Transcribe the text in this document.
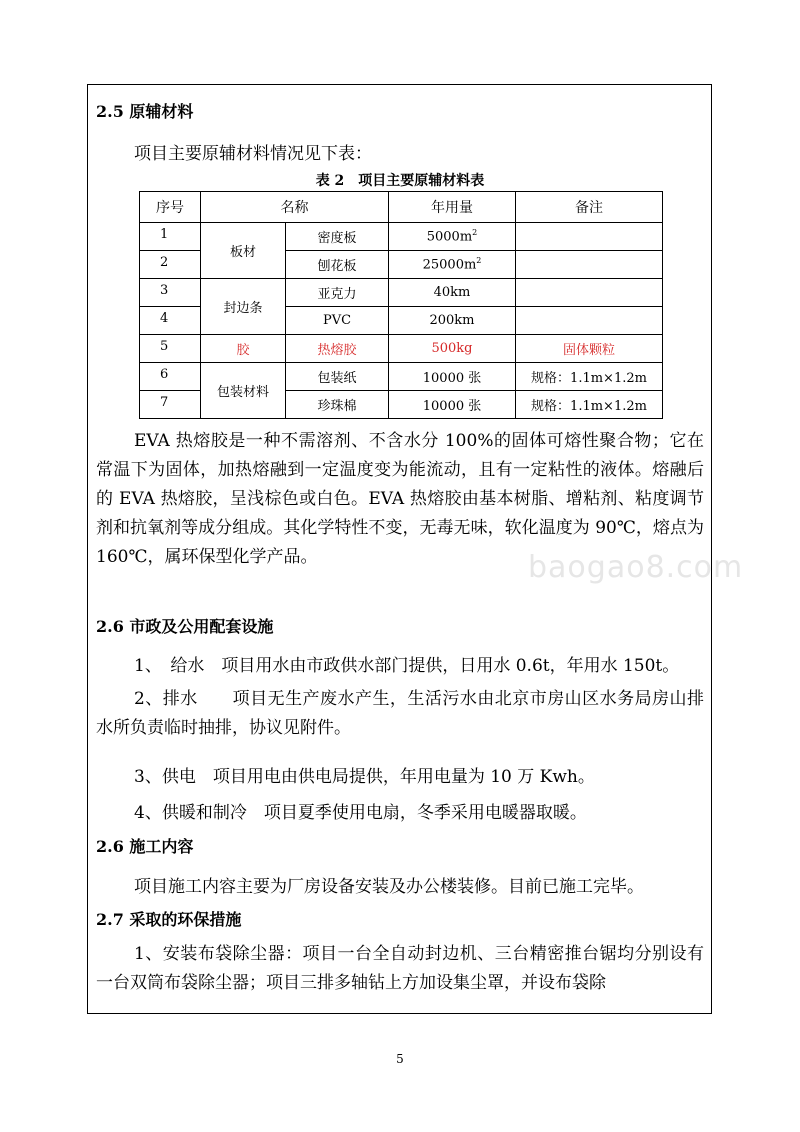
2.5 原辅材料
项目主要原辅材料情况见下表：
表 2　项目主要原辅材料表
序号	名称		年用量	备注
1	板材	密度板	$5000m^2$	
2		刨花板	$25000m^2$	
3	封边条	亚克力	40km	
4		PVC	200km	
5	胶	热熔胶	500kg	固体颗粒
6	包装材料	包装纸	10000 张	规格：1.1m×1.2m
7		珍珠棉	10000 张	规格：1.1m×1.2m
EVA 热熔胶是一种不需溶剂、不含水分 100%的固体可熔性聚合物；它在常温下为固体，加热熔融到一定温度变为能流动，且有一定粘性的液体。熔融后的 EVA 热熔胶，呈浅棕色或白色。EVA 热熔胶由基本树脂、增粘剂、粘度调节剂和抗氧剂等成分组成。其化学特性不变，无毒无味，软化温度为 90℃，熔点为 160℃，属环保型化学产品。	baogao8.com
2.6 市政及公用配套设施
1、　给水　项目用水由市政供水部门提供，日用水 0.6t，年用水 150t。
2、排水　　项目无生产废水产生，生活污水由北京市房山区水务局房山排水所负责临时抽排，协议见附件。
3、供电　项目用电由供电局提供，年用电量为 10 万 Kwh。
4、供暖和制冷　项目夏季使用电扇，冬季采用电暖器取暖。
2.6 施工内容
项目施工内容主要为厂房设备安装及办公楼装修。目前已施工完毕。
2.7 采取的环保措施
1、安装布袋除尘器：项目一台全自动封边机、三台精密推台锯均分别设有一台双筒布袋除尘器；项目三排多轴钻上方加设集尘罩，并设布袋除
5
